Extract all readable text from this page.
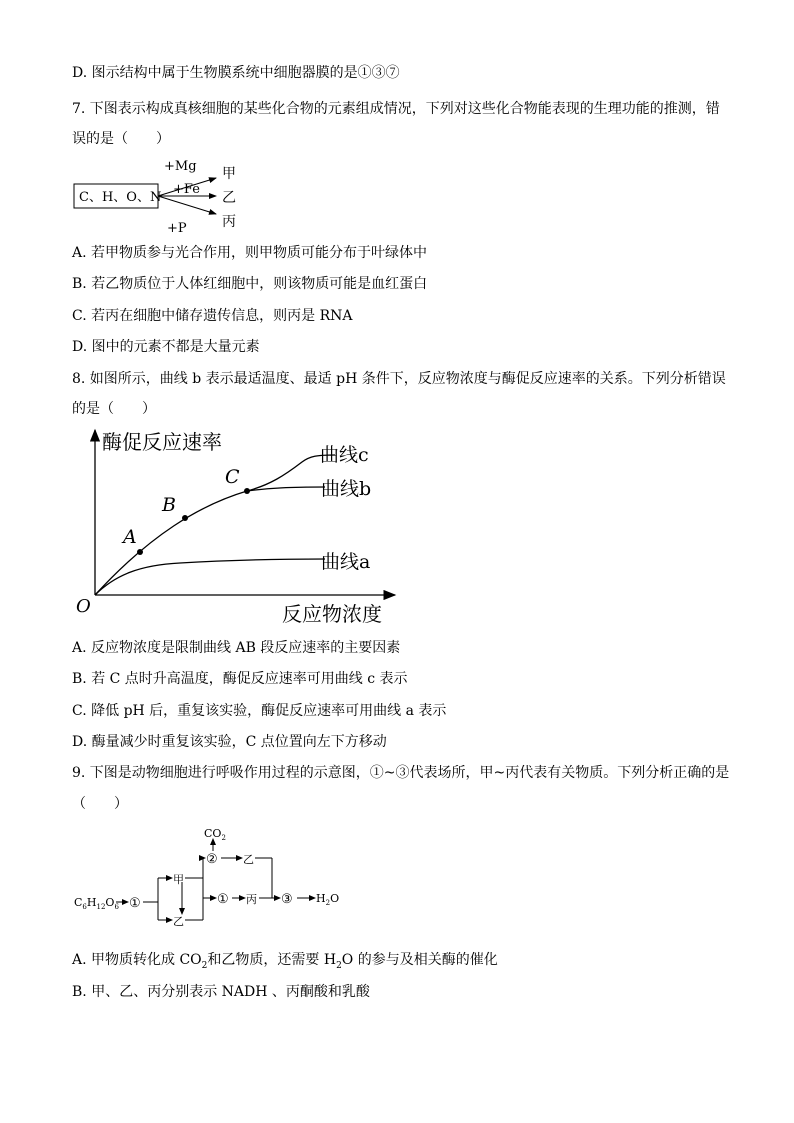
D. 图示结构中属于生物膜系统中细胞器膜的是①③⑦
7. 下图表示构成真核细胞的某些化合物的元素组成情况，下列对这些化合物能表现的生理功能的推测，错
误的是（　　）
C、H、O、N
+Mg
+Fe
+P
甲
乙
丙
A. 若甲物质参与光合作用，则甲物质可能分布于叶绿体中
B. 若乙物质位于人体红细胞中，则该物质可能是血红蛋白
C. 若丙在细胞中储存遗传信息，则丙是 RNA
D. 图中的元素不都是大量元素
8. 如图所示，曲线 b 表示最适温度、最适 pH 条件下，反应物浓度与酶促反应速率的关系。下列分析错误
的是（　　）
酶促反应速率
反应物浓度
O
A
B
C
曲线c
曲线b
曲线a
A. 反应物浓度是限制曲线 AB 段反应速率的主要因素
B. 若 C 点时升高温度，酶促反应速率可用曲线 c 表示
C. 降低 pH 后，重复该实验，酶促反应速率可用曲线 a 表示
D. 酶量减少时重复该实验，C 点位置向左下方移动
9. 下图是动物细胞进行呼吸作用过程的示意图，①~③代表场所，甲~丙代表有关物质。下列分析正确的是
（　　）
$C_6H_{12}O_6$ ①
甲
乙
②
$CO_2$
乙
① 丙 ③ $H_2O$
A. 甲物质转化成 $CO_2$和乙物质，还需要 $H_2O$ 的参与及相关酶的催化
B. 甲、乙、丙分别表示 NADH 、丙酮酸和乳酸
